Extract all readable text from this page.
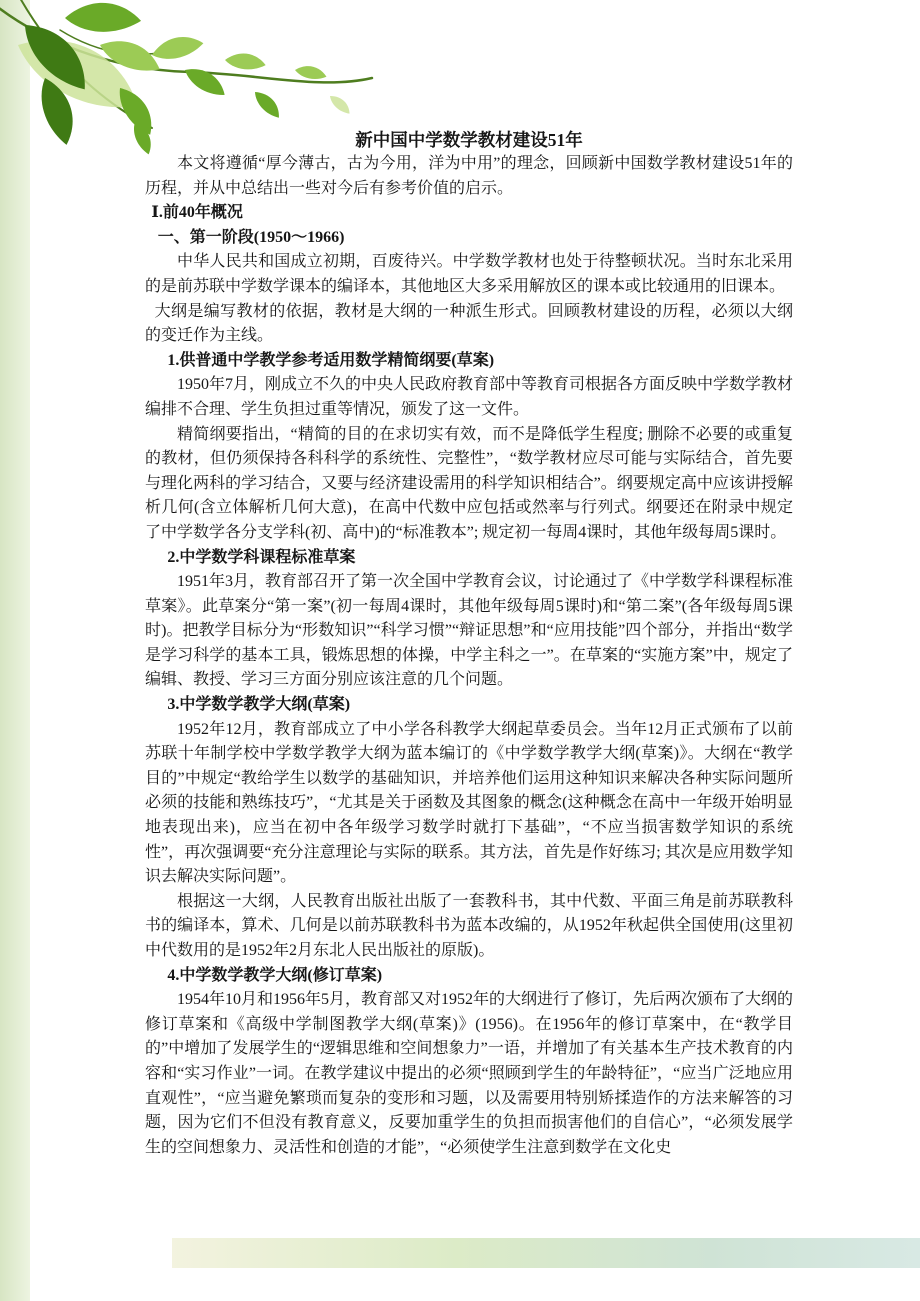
新中国中学数学教材建设51年

本文将遵循“厚今薄古，古为今用，洋为中用”的理念，回顾新中国数学教材建设51年的历程，并从中总结出一些对今后有参考价值的启示。

Ⅰ.前40年概况

一、第一阶段(1950～1966)

中华人民共和国成立初期，百废待兴。中学数学教材也处于待整顿状况。当时东北采用的是前苏联中学数学课本的编译本，其他地区大多采用解放区的课本或比较通用的旧课本。

大纲是编写教材的依据，教材是大纲的一种派生形式。回顾教材建设的历程，必须以大纲的变迁作为主线。

1.供普通中学教学参考适用数学精简纲要(草案)

1950年7月，刚成立不久的中央人民政府教育部中等教育司根据各方面反映中学数学教材编排不合理、学生负担过重等情况，颁发了这一文件。

精简纲要指出，“精简的目的在求切实有效，而不是降低学生程度; 删除不必要的或重复的教材，但仍须保持各科科学的系统性、完整性”，“数学教材应尽可能与实际结合，首先要与理化两科的学习结合，又要与经济建设需用的科学知识相结合”。纲要规定高中应该讲授解析几何(含立体解析几何大意)，在高中代数中应包括或然率与行列式。纲要还在附录中规定了中学数学各分支学科(初、高中)的“标准教本”; 规定初一每周4课时，其他年级每周5课时。

2.中学数学科课程标准草案

1951年3月，教育部召开了第一次全国中学教育会议，讨论通过了《中学数学科课程标准草案》。此草案分“第一案”(初一每周4课时，其他年级每周5课时)和“第二案”(各年级每周5课时)。把教学目标分为“形数知识”“科学习惯”“辩证思想”和“应用技能”四个部分，并指出“数学是学习科学的基本工具，锻炼思想的体操，中学主科之一”。在草案的“实施方案”中，规定了编辑、教授、学习三方面分别应该注意的几个问题。

3.中学数学教学大纲(草案)

1952年12月，教育部成立了中小学各科教学大纲起草委员会。当年12月正式颁布了以前苏联十年制学校中学数学教学大纲为蓝本编订的《中学数学教学大纲(草案)》。大纲在“教学目的”中规定“教给学生以数学的基础知识，并培养他们运用这种知识来解决各种实际问题所必须的技能和熟练技巧”，“尤其是关于函数及其图象的概念(这种概念在高中一年级开始明显地表现出来)，应当在初中各年级学习数学时就打下基础”，“不应当损害数学知识的系统性”，再次强调要“充分注意理论与实际的联系。其方法，首先是作好练习; 其次是应用数学知识去解决实际问题”。

根据这一大纲，人民教育出版社出版了一套教科书，其中代数、平面三角是前苏联教科书的编译本，算术、几何是以前苏联教科书为蓝本改编的，从1952年秋起供全国使用(这里初中代数用的是1952年2月东北人民出版社的原版)。

4.中学数学教学大纲(修订草案)

1954年10月和1956年5月，教育部又对1952年的大纲进行了修订，先后两次颁布了大纲的修订草案和《高级中学制图教学大纲(草案)》(1956)。在1956年的修订草案中，在“教学目的”中增加了发展学生的“逻辑思维和空间想象力”一语，并增加了有关基本生产技术教育的内容和“实习作业”一词。在教学建议中提出的必须“照顾到学生的年龄特征”，“应当广泛地应用直观性”，“应当避免繁琐而复杂的变形和习题，以及需要用特别矫揉造作的方法来解答的习题，因为它们不但没有教育意义，反要加重学生的负担而损害他们的自信心”，“必须发展学生的空间想象力、灵活性和创造的才能”，“必须使学生注意到数学在文化史
